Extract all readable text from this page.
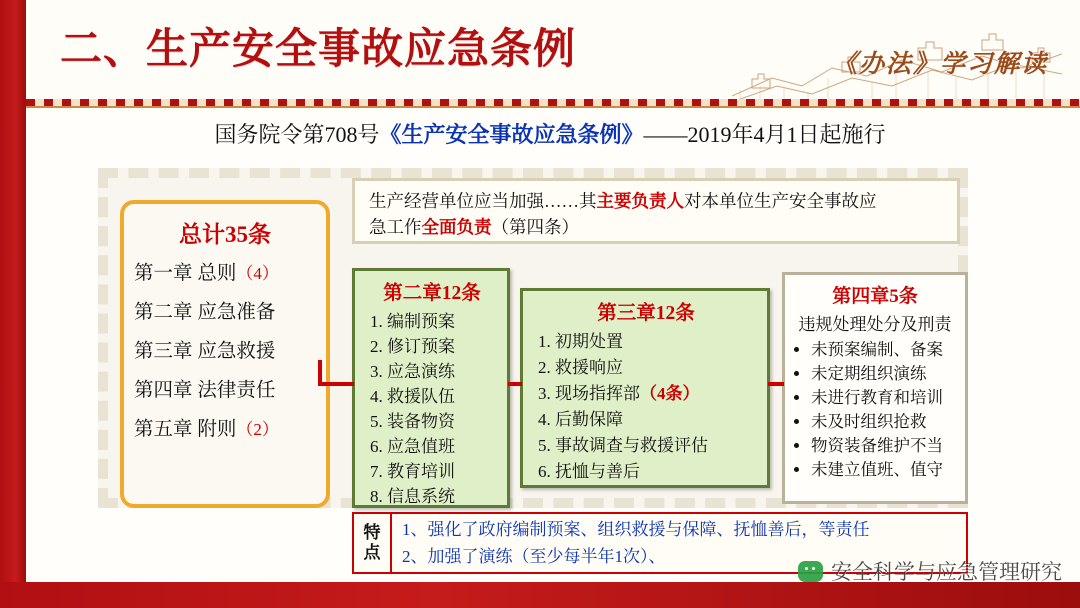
二、生产安全事故应急条例	《办法》学习解读
国务院令第708号《生产安全事故应急条例》——2019年4月1日起施行
生产经营单位应当加强……其主要负责人对本单位生产安全事故应
急工作全面负责（第四条）
总计35条
第一章 总则（4）
第二章 应急准备
第三章 应急救援
第四章 法律责任
第五章 附则（2）
第二章12条
1. 编制预案
2. 修订预案
3. 应急演练
4. 救援队伍
5. 装备物资
6. 应急值班
7. 教育培训
8. 信息系统
第三章12条
1. 初期处置
2. 救援响应
3. 现场指挥部（4条）
4. 后勤保障
5. 事故调查与救援评估
6. 抚恤与善后
第四章5条
违规处理处分及刑责
• 未预案编制、备案
• 未定期组织演练
• 未进行教育和培训
• 未及时组织抢救
• 物资装备维护不当
• 未建立值班、值守
特
点
1、强化了政府编制预案、组织救援与保障、抚恤善后，等责任
2、加强了演练（至少每半年1次）、
安全科学与应急管理研究
